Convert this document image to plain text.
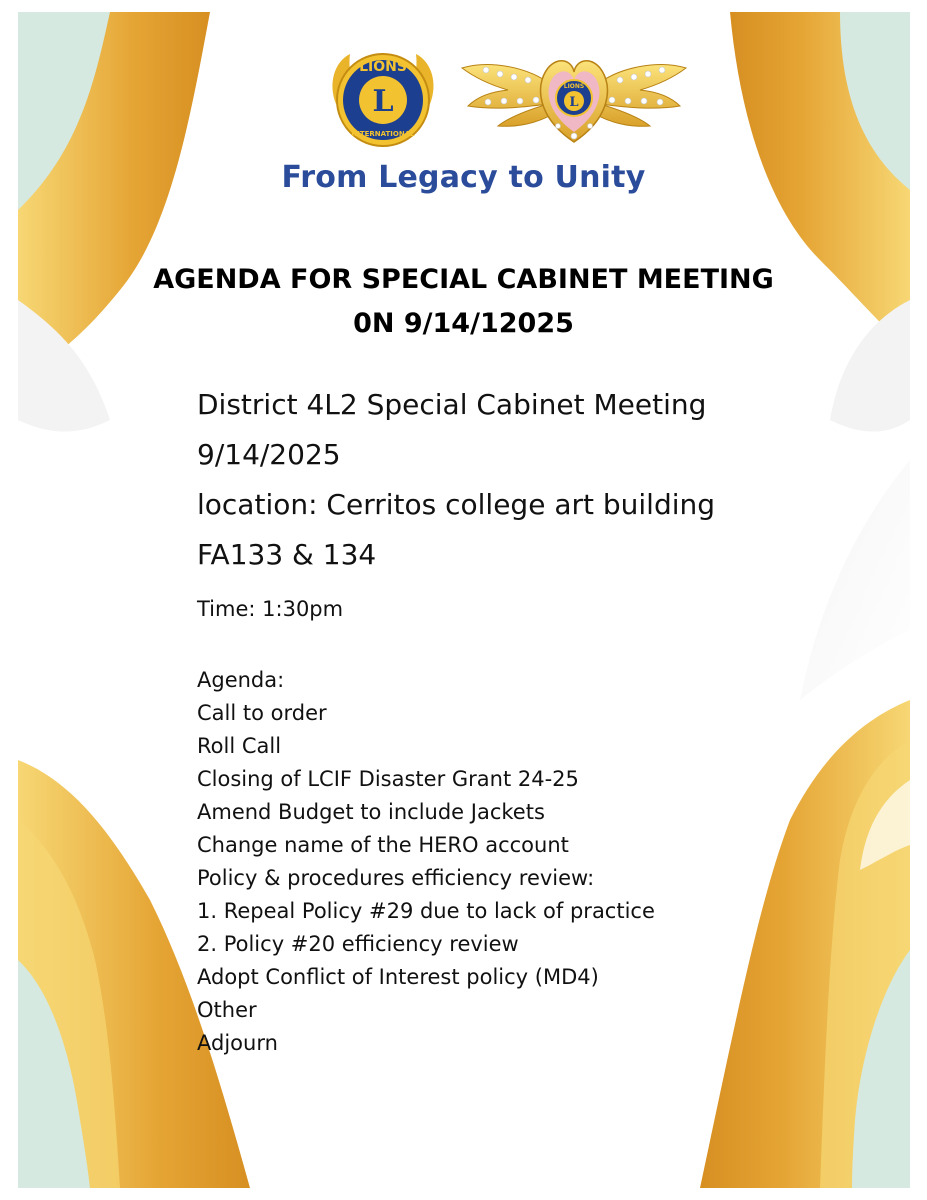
LIONS
INTERNATIONAL
L	LIONS
L
From Legacy to Unity
AGENDA FOR SPECIAL CABINET MEETING
0N 9/14/12025
District 4L2 Special Cabinet Meeting
9/14/2025
location: Cerritos college art building
FA133 & 134
Time: 1:30pm
Agenda:
Call to order
Roll Call
Closing of LCIF Disaster Grant 24-25
Amend Budget to include Jackets
Change name of the HERO account
Policy & procedures efficiency review:
1. Repeal Policy #29 due to lack of practice
2. Policy #20 efficiency review
Adopt Conflict of Interest policy (MD4)
Other
Adjourn
